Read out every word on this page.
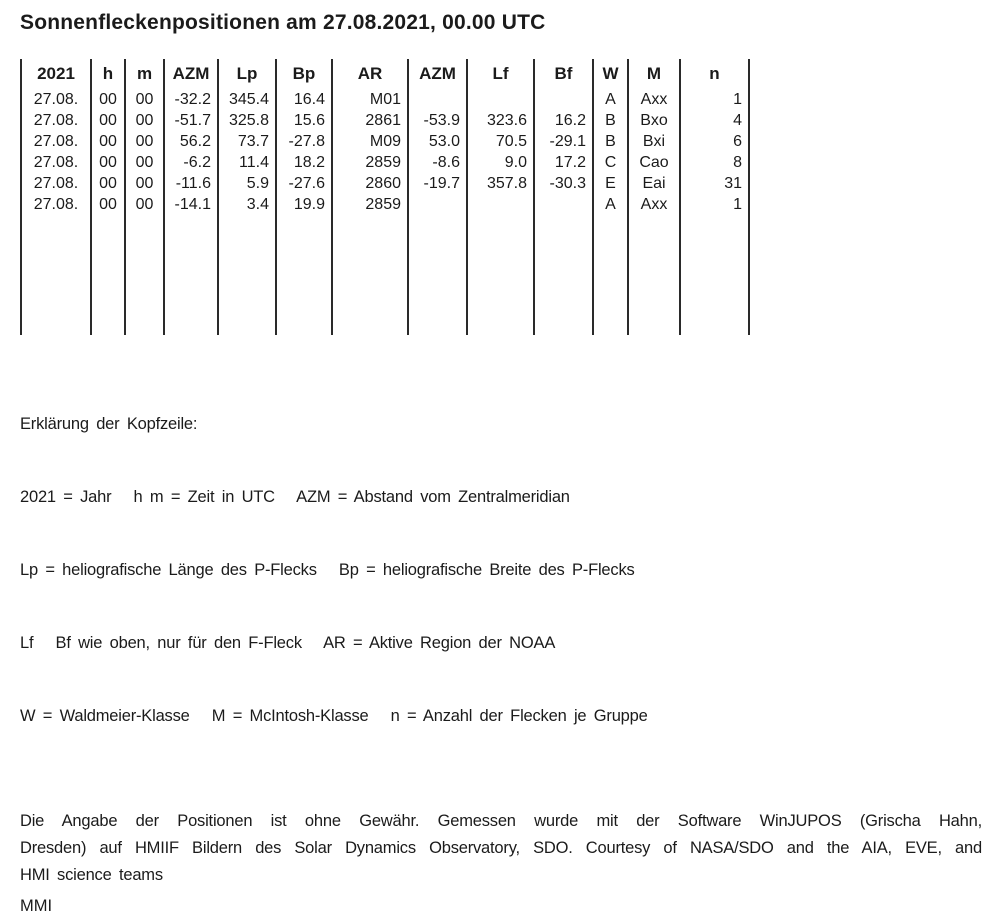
Sonnenfleckenpositionen am 27.08.2021, 00.00 UTC
2021	h	m	AZM	Lp	Bp	AR	AZM	Lf	Bf	W	M	n
27.08.	00	00	-32.2	345.4	16.4	M01				A	Axx	1
27.08.	00	00	-51.7	325.8	15.6	2861	-53.9	323.6	16.2	B	Bxo	4
27.08.	00	00	56.2	73.7	-27.8	M09	53.0	70.5	-29.1	B	Bxi	6
27.08.	00	00	-6.2	11.4	18.2	2859	-8.6	9.0	17.2	C	Cao	8
27.08.	00	00	-11.6	5.9	-27.6	2860	-19.7	357.8	-30.3	E	Eai	31
27.08.	00	00	-14.1	3.4	19.9	2859				A	Axx	1

Erklärung der Kopfzeile:

2021 = Jahr   h m = Zeit in UTC   AZM = Abstand vom Zentralmeridian

Lp = heliografische Länge des P-Flecks   Bp = heliografische Breite des P-Flecks

Lf   Bf wie oben, nur für den F-Fleck   AR = Aktive Region der NOAA

W = Waldmeier-Klasse   M = McIntosh-Klasse   n = Anzahl der Flecken je Gruppe

Die Angabe der Positionen ist ohne Gewähr. Gemessen wurde mit der Software WinJUPOS (Grischa Hahn,
Dresden) auf HMIIF Bildern des Solar Dynamics Observatory, SDO. Courtesy of NASA/SDO and the AIA, EVE, and
HMI science teams
MMI
